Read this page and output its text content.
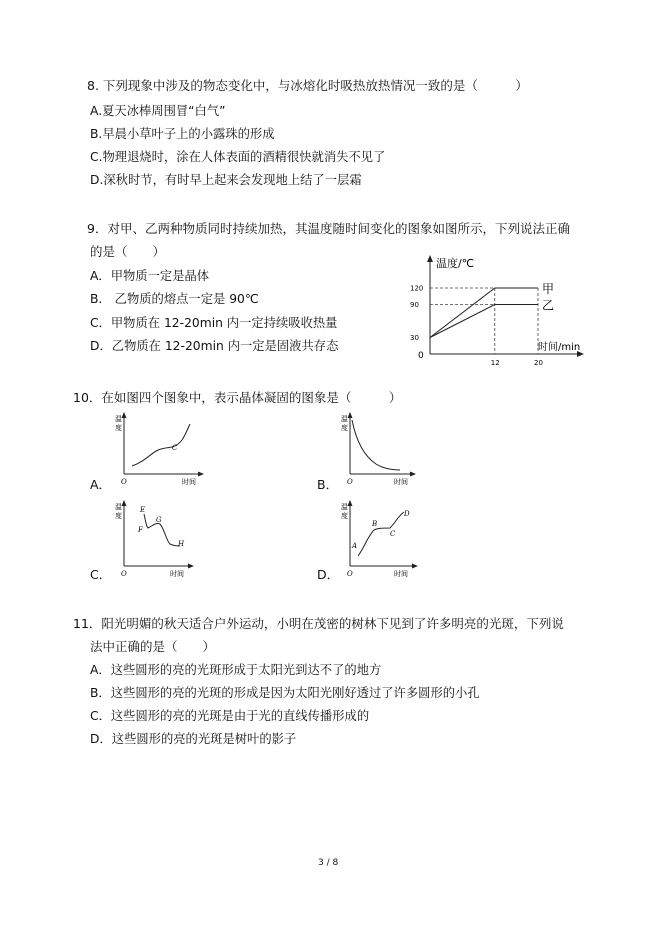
8. 下列现象中涉及的物态变化中，与冰熔化时吸热放热情况一致的是（　　　）
A.夏天冰棒周围冒“白气”
B.早晨小草叶子上的小露珠的形成
C.物理退烧时，涂在人体表面的酒精很快就消失不见了
D.深秋时节，有时早上起来会发现地上结了一层霜
9．对甲、乙两种物质同时持续加热，其温度随时间变化的图象如图所示，下列说法正确
的是（　　）
A．甲物质一定是晶体
B.　乙物质的熔点一定是 90℃
C．甲物质在 12-20min 内一定持续吸收热量
D．乙物质在 12-20min 内一定是固液共存态
温度/℃
时间/min
0
12	20
30
90
120	甲
乙
10．在如图四个图象中，表示晶体凝固的图象是（　　　）
A．	B．
C．	D．
温
度
O	时间
C
温
度
O	时间
温
度
O	时间
E
F
G
H
温
度
O	时间
A
B
C
D
11．阳光明媚的秋天适合户外运动，小明在茂密的树林下见到了许多明亮的光斑，下列说
法中正确的是（　　）
A．这些圆形的亮的光斑形成于太阳光到达不了的地方
B．这些圆形的亮的光斑的形成是因为太阳光刚好透过了许多圆形的小孔
C．这些圆形的亮的光斑是由于光的直线传播形成的
D．这些圆形的亮的光斑是树叶的影子
3 / 8
